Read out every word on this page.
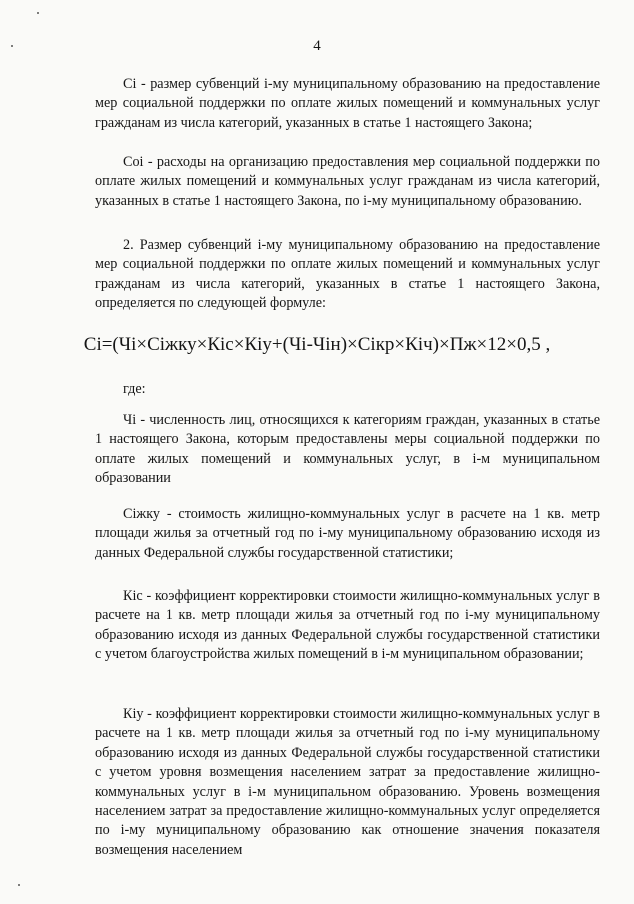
4
Сi - размер субвенций i-му муниципальному образованию на предоставление мер социальной поддержки по оплате жилых помещений и коммунальных услуг гражданам из числа категорий, указанных в статье 1 настоящего Закона;
Соi - расходы на организацию предоставления мер социальной поддержки по оплате жилых помещений и коммунальных услуг гражданам из числа категорий, указанных в статье 1 настоящего Закона, по i-му муниципальному образованию.
2. Размер субвенций i-му муниципальному образованию на предоставление мер социальной поддержки по оплате жилых помещений и коммунальных услуг гражданам из числа категорий, указанных в статье 1 настоящего Закона, определяется по следующей формуле:
Сi=(Чi×Сiжку×Кiс×Кiу+(Чi-Чiн)×Сiкр×Кiч)×Пж×12×0,5 ,
где:
Чi - численность лиц, относящихся к категориям граждан, указанных в статье 1 настоящего Закона, которым предоставлены меры социальной поддержки по оплате жилых помещений и коммунальных услуг, в i-м муниципальном образовании
Сiжку - стоимость жилищно-коммунальных услуг в расчете на 1 кв. метр площади жилья за отчетный год по i-му муниципальному образованию исходя из данных Федеральной службы государственной статистики;
Кiс - коэффициент корректировки стоимости жилищно-коммунальных услуг в расчете на 1 кв. метр площади жилья за отчетный год по i-му муниципальному образованию исходя из данных Федеральной службы государственной статистики с учетом благоустройства жилых помещений в i-м муниципальном образовании;
Кiу - коэффициент корректировки стоимости жилищно-коммунальных услуг в расчете на 1 кв. метр площади жилья за отчетный год по i-му муниципальному образованию исходя из данных Федеральной службы государственной статистики с учетом уровня возмещения населением затрат за предоставление жилищно-коммунальных услуг в i-м муниципальном образованию. Уровень возмещения населением затрат за предоставление жилищно-коммунальных услуг определяется по i-му муниципальному образованию как отношение значения показателя возмещения населением
